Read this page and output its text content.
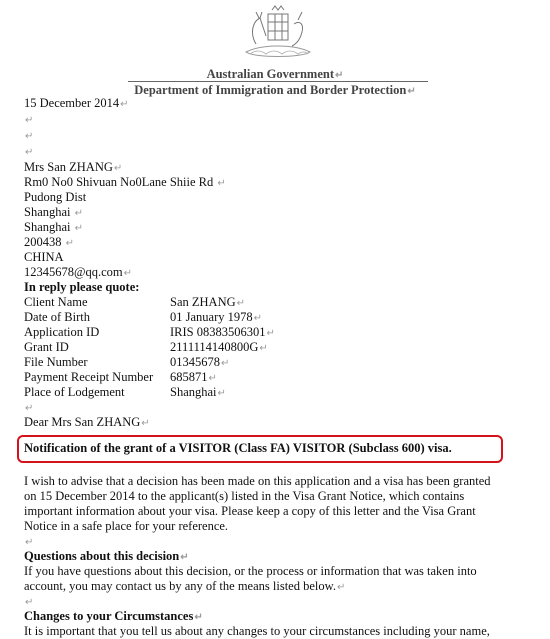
Australian Government↵
Department of Immigration and Border Protection↵
15 December 2014↵
↵
↵
↵
Mrs San ZHANG↵
Rm0 No0 Shivuan No0Lane Shiie Rd ↵
Pudong Dist
Shanghai ↵
Shanghai ↵
200438 ↵
CHINA
12345678@qq.com↵
In reply please quote:
Client Name	San ZHANG↵
Date of Birth	01 January 1978↵
Application ID	IRIS 08383506301↵
Grant ID	2111114140800G↵
File Number	01345678↵
Payment Receipt Number 685871↵
Place of Lodgement	Shanghai↵
↵
Dear Mrs San ZHANG↵
Notification of the grant of a VISITOR (Class FA) VISITOR (Subclass 600) visa.
I wish to advise that a decision has been made on this application and a visa has been granted
on 15 December 2014 to the applicant(s) listed in the Visa Grant Notice, which contains
important information about your visa. Please keep a copy of this letter and the Visa Grant
Notice in a safe place for your reference.
↵
Questions about this decision↵
If you have questions about this decision, or the process or information that was taken into
account, you may contact us by any of the means listed below.↵
↵
Changes to your Circumstances↵
It is important that you tell us about any changes to your circumstances including your name,
